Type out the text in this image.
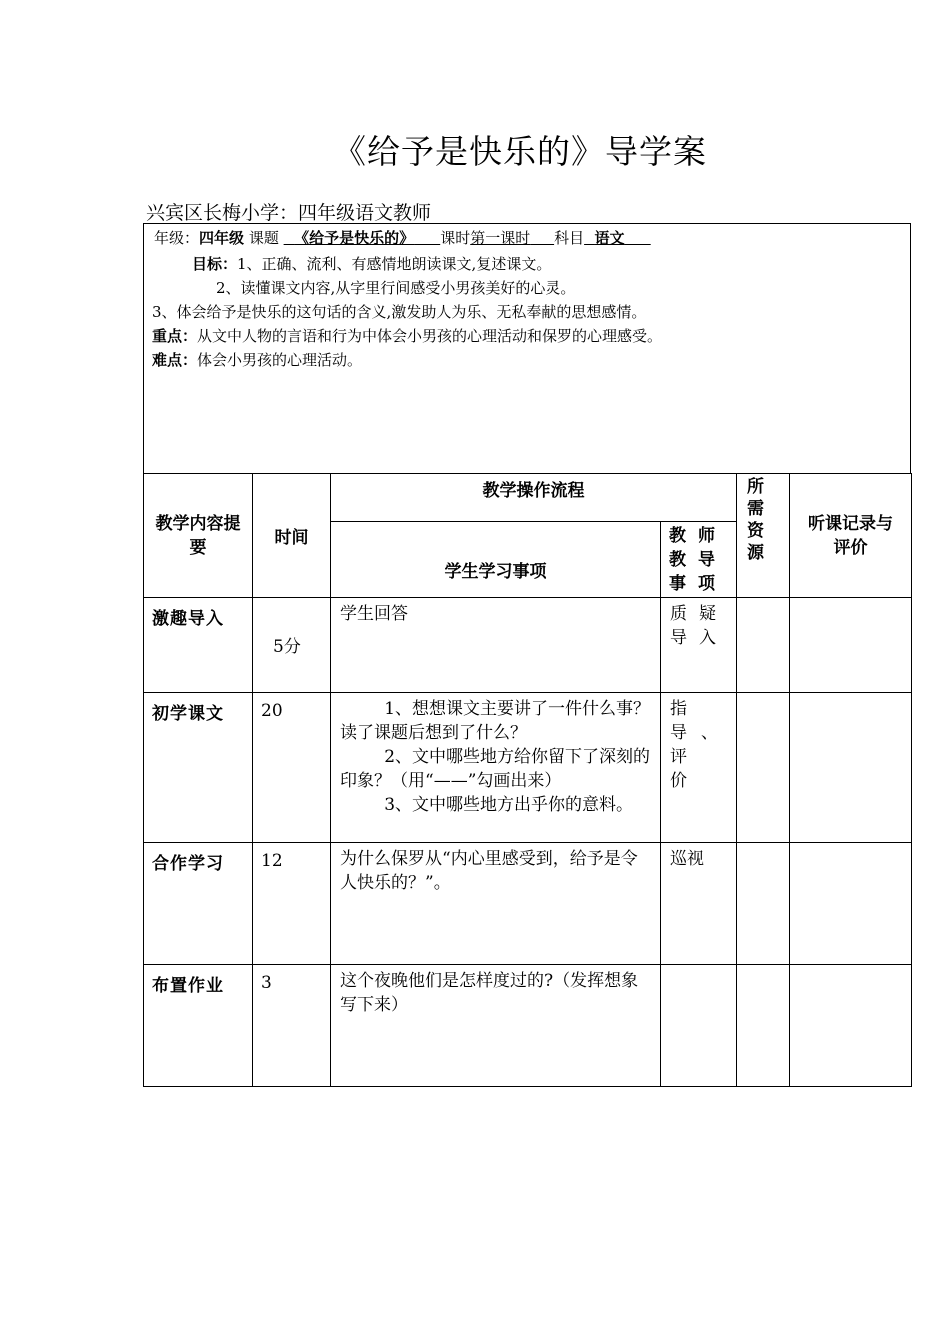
《给予是快乐的》导学案
兴宾区长梅小学：四年级语文教师
年级：四年级 课题 《给予是快乐的》 课时第一课时 科目 语文
目标：1、正确、流利、有感情地朗读课文,复述课文。
2、读懂课文内容,从字里行间感受小男孩美好的心灵。
3、体会给予是快乐的这句话的含义,激发助人为乐、无私奉献的思想感情。
重点：从文中人物的言语和行为中体会小男孩的心理活动和保罗的心理感受。
难点：体会小男孩的心理活动。
教学内容提要	时间	教学操作流程		所需资源	听课记录与评价

		学生学习事项	教师教导事项		

激趣导入	5分	学生回答	质疑导入		

初学课文	20	1、想想课文主要讲了一件什么事？读了课题后想到了什么？

2、文中哪些地方给你留下了深刻的印象？（用“——”勾画出来）

3、文中哪些地方出乎你的意料。	指导、评价		

合作学习	12	为什么保罗从“内心里感受到，给予是令人快乐的？”。	巡视		
布置作业	3	这个夜晚他们是怎样度过的?（发挥想象写下来）			
